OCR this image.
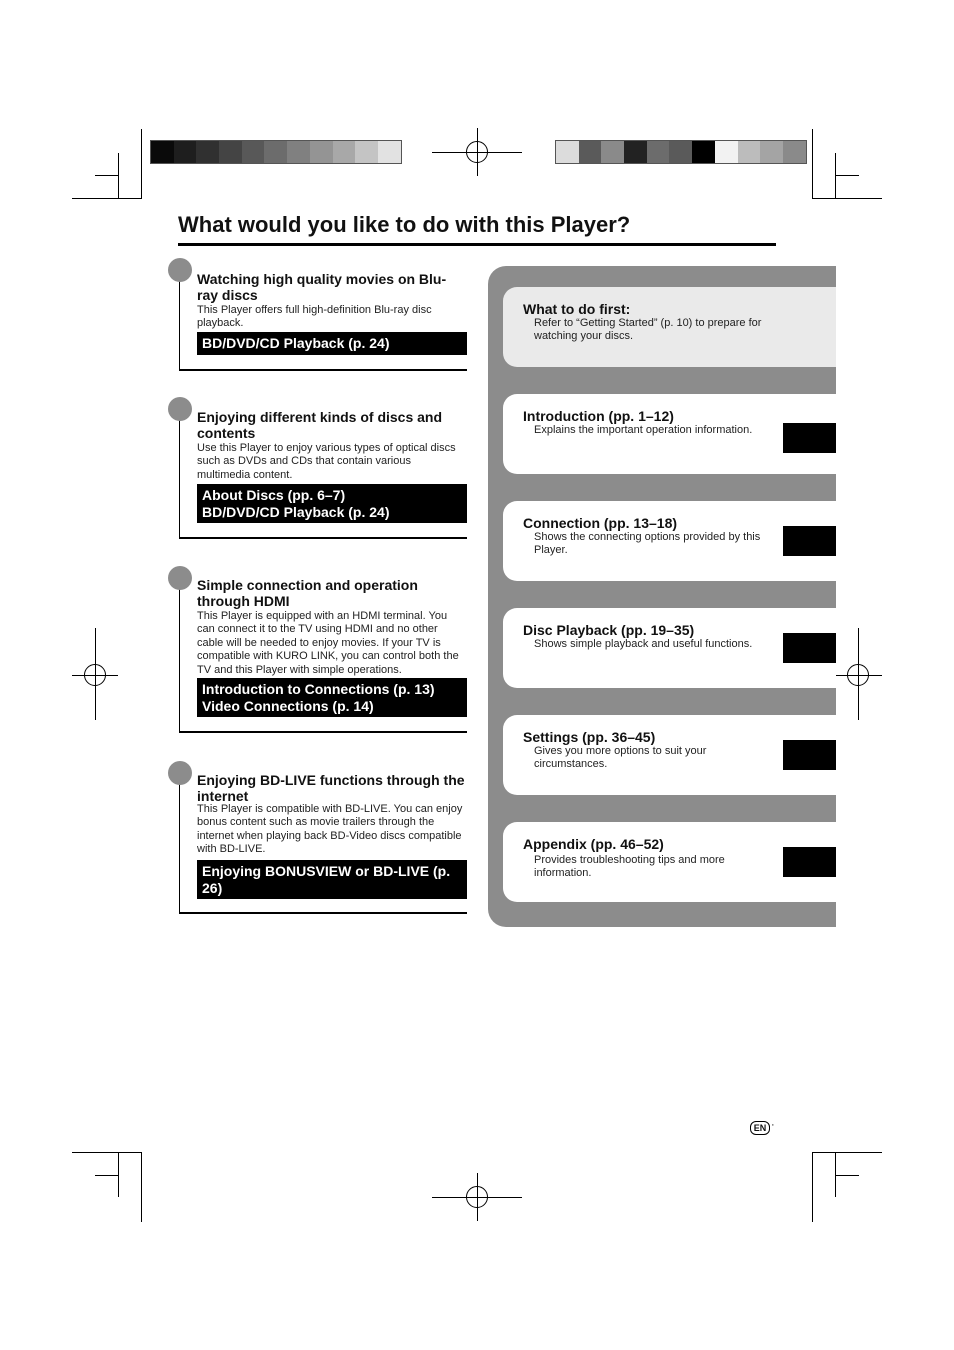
What would you like to do with this Player?
Watching high quality movies on Blu-ray discs
This Player offers full high-definition Blu-ray disc playback.
BD/DVD/CD Playback (p. 24)
Enjoying different kinds of discs and contents
Use this Player to enjoy various types of optical discs such as DVDs and CDs that contain various multimedia content.
About Discs (pp. 6–7)
BD/DVD/CD Playback (p. 24)
Simple connection and operation through HDMI
This Player is equipped with an HDMI terminal. You can connect it to the TV using HDMI and no other cable will be needed to enjoy movies. If your TV is compatible with KURO LINK, you can control both the TV and this Player with simple operations.
Introduction to Connections (p. 13)
Video Connections (p. 14)
Enjoying BD-LIVE functions through the internet
This Player is compatible with BD-LIVE. You can enjoy bonus content such as movie trailers through the internet when playing back BD-Video discs compatible with BD-LIVE.
Enjoying BONUSVIEW or BD-LIVE (p. 26)
What to do first:
Refer to “Getting Started” (p. 10) to prepare for watching your discs.
Introduction (pp. 1–12)
Explains the important operation information.
Connection (pp. 13–18)
Shows the connecting options provided by this Player.
Disc Playback (pp. 19–35)
Shows simple playback and useful functions.
Settings (pp. 36–45)
Gives you more options to suit your circumstances.
Appendix (pp. 46–52)
Provides troubleshooting tips and more information.
EN ·
